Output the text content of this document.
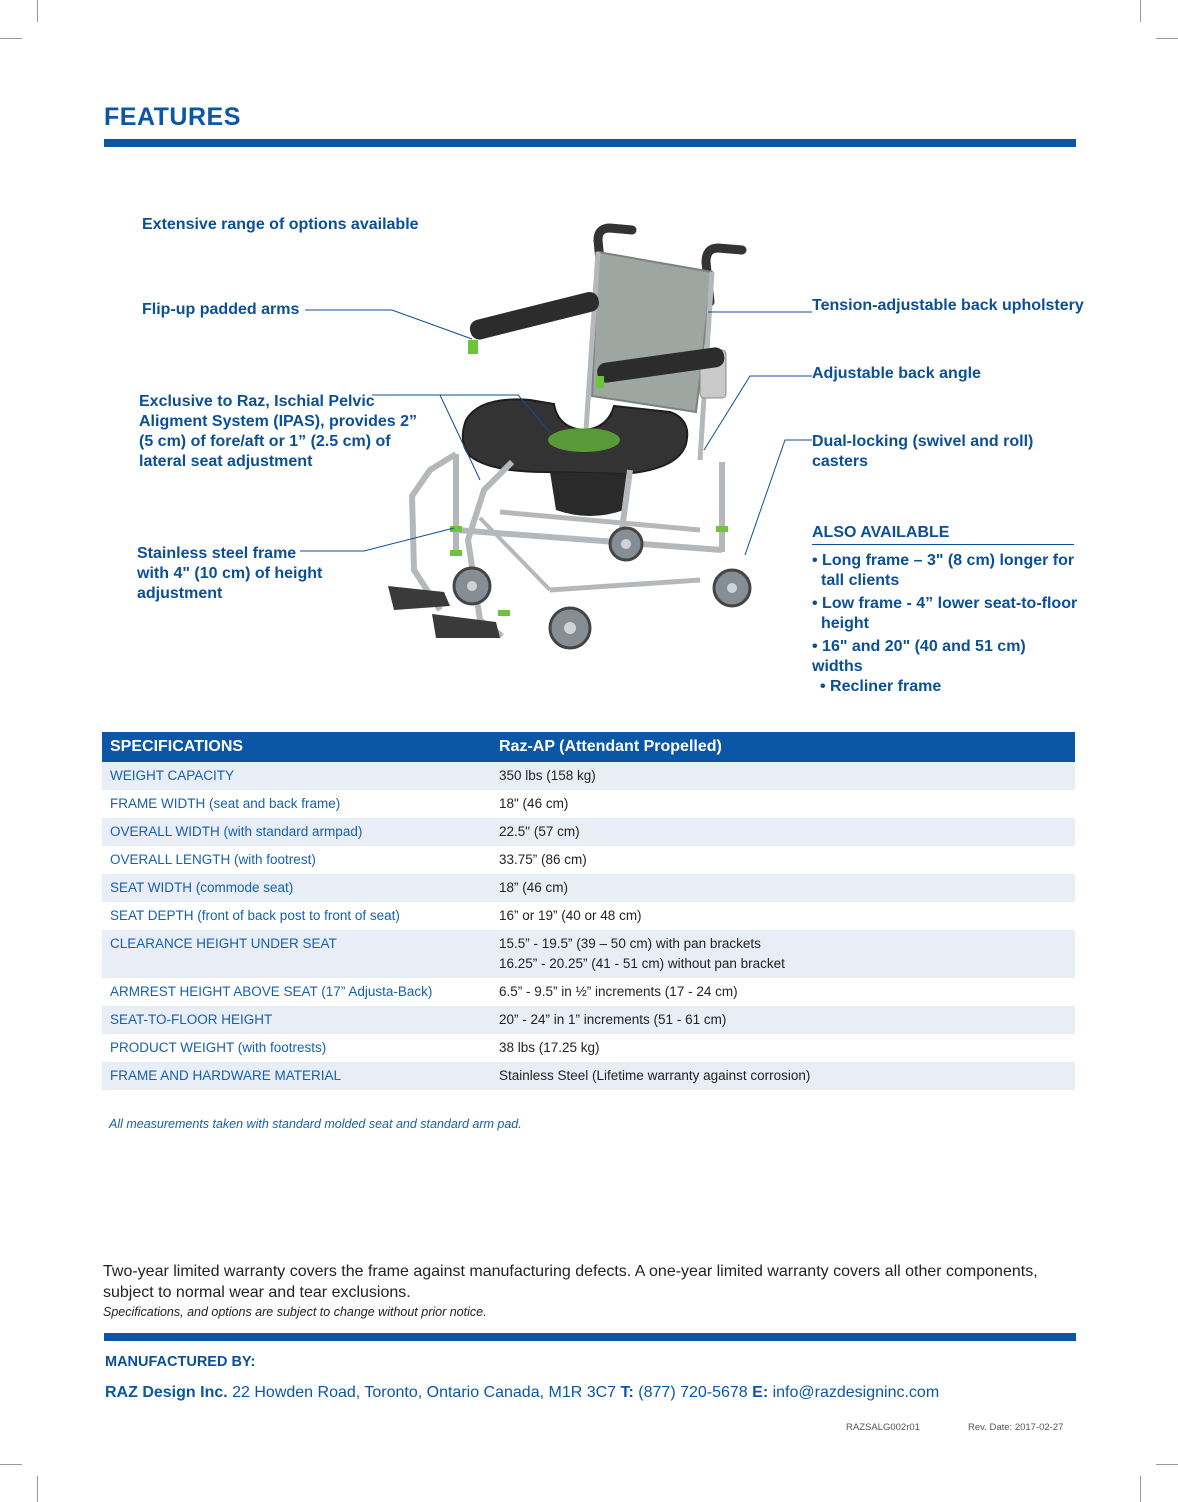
FEATURES
Extensive range of options available
Flip-up padded arms
Exclusive to Raz, Ischial Pelvic
Aligment System (IPAS), provides 2”
(5 cm) of fore/aft or 1” (2.5 cm) of
lateral seat adjustment
Stainless steel frame
with 4" (10 cm) of height
adjustment
Tension-adjustable back upholstery
Adjustable back angle
Dual-locking (swivel and roll)
casters
ALSO AVAILABLE
• Long frame – 3" (8 cm) longer for
tall clients
• Low frame - 4” lower seat-to-floor
height
• 16" and 20" (40 and 51 cm) widths
• Recliner frame
SPECIFICATIONS	Raz-AP (Attendant Propelled)
WEIGHT CAPACITY	350 lbs (158 kg)

FRAME WIDTH (seat and back frame)	18" (46 cm)

OVERALL WIDTH (with standard armpad)	22.5" (57 cm)

OVERALL LENGTH (with footrest)	33.75” (86 cm)

SEAT WIDTH (commode seat)	18” (46 cm)

SEAT DEPTH (front of back post to front of seat)	16” or 19” (40 or 48 cm)

CLEARANCE HEIGHT UNDER SEAT	15.5” - 19.5” (39 – 50 cm) with pan brackets
16.25” - 20.25” (41 - 51 cm) without pan bracket

ARMREST HEIGHT ABOVE SEAT (17” Adjusta-Back)	6.5” - 9.5” in ½” increments (17 - 24 cm)

SEAT-TO-FLOOR HEIGHT	20” - 24” in 1” increments (51 - 61 cm)

PRODUCT WEIGHT (with footrests)	38 lbs (17.25 kg)

FRAME AND HARDWARE MATERIAL	Stainless Steel (Lifetime warranty against corrosion)
All measurements taken with standard molded seat and standard arm pad.
Two-year limited warranty covers the frame against manufacturing defects. A one-year limited warranty covers all other components, subject to normal wear and tear exclusions.
Specifications, and options are subject to change without prior notice.
MANUFACTURED BY:
RAZ Design Inc. 22 Howden Road, Toronto, Ontario Canada, M1R 3C7 T: (877) 720-5678 E: info@razdesigninc.com
RAZSALG002r01	Rev. Date: 2017-02-27
